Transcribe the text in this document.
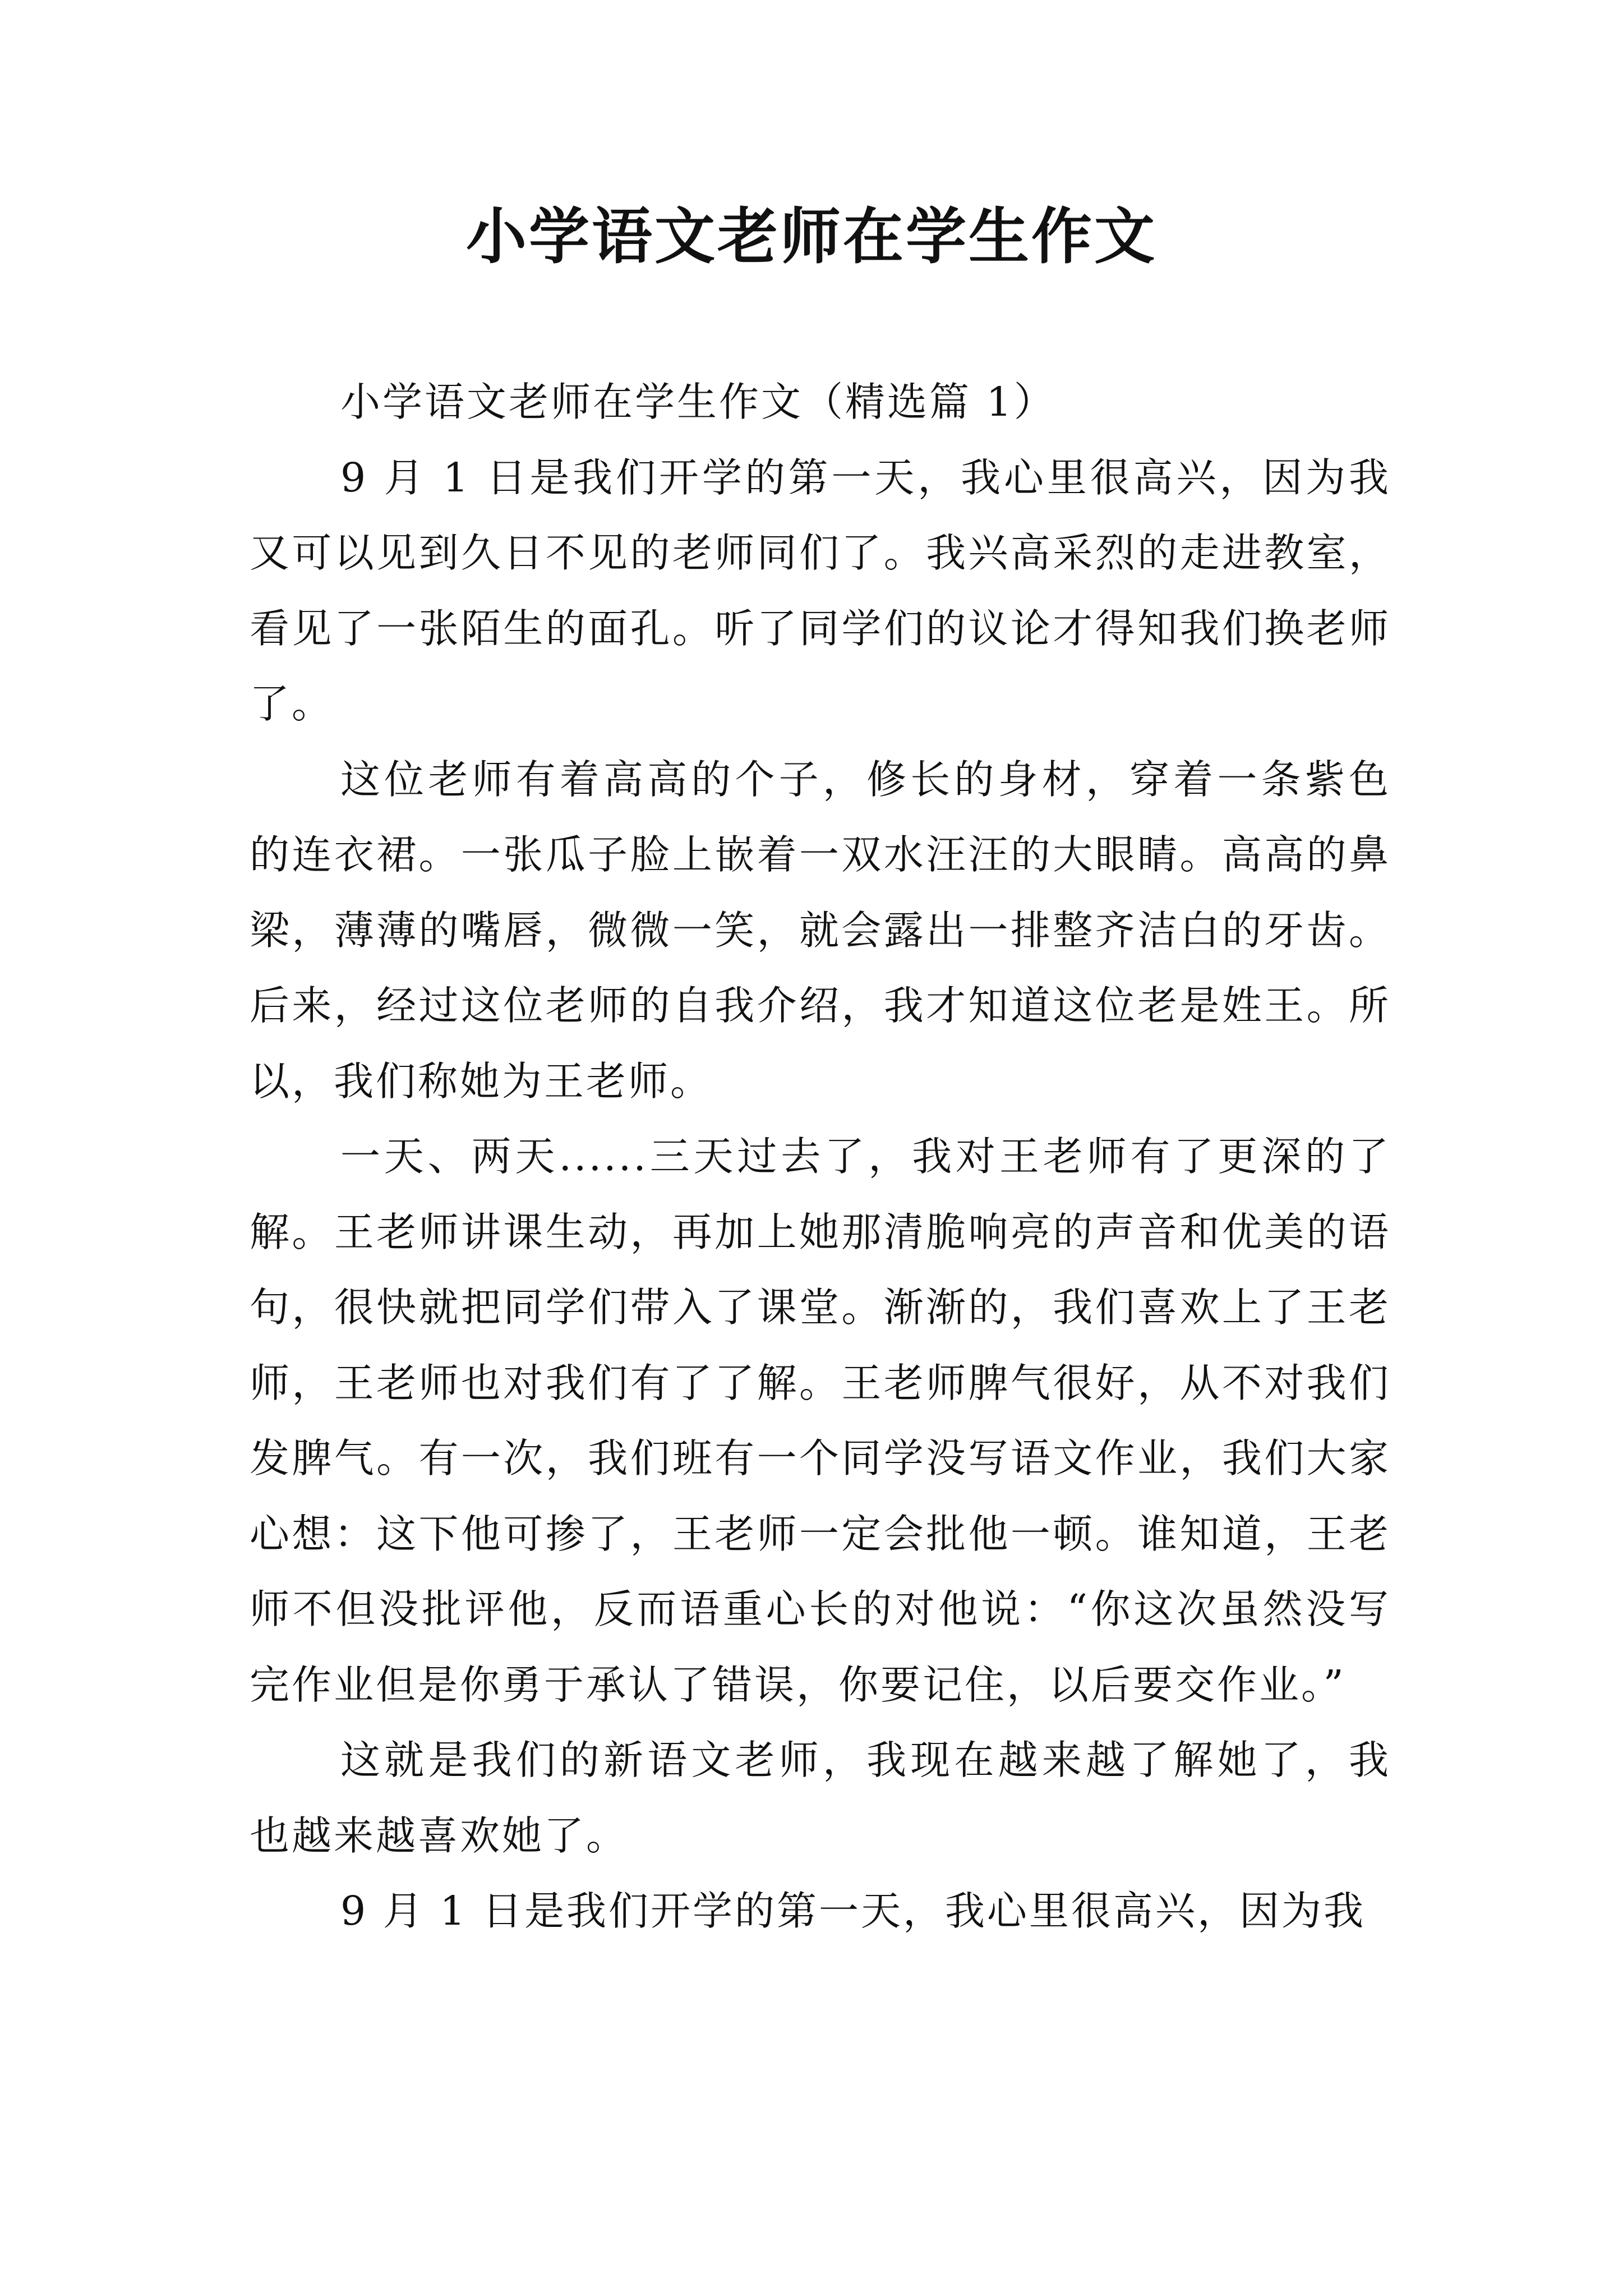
小学语文老师在学生作文

小学语文老师在学生作文（精选篇 1）

9 月 1 日是我们开学的第一天，我心里很高兴，因为我又可以见到久日不见的老师同们了。我兴高采烈的走进教室，看见了一张陌生的面孔。听了同学们的议论才得知我们换老师了。

这位老师有着高高的个子，修长的身材，穿着一条紫色的连衣裙。一张瓜子脸上嵌着一双水汪汪的大眼睛。高高的鼻梁，薄薄的嘴唇，微微一笑，就会露出一排整齐洁白的牙齿。后来，经过这位老师的自我介绍，我才知道这位老是姓王。所以，我们称她为王老师。

一天、两天......三天过去了，我对王老师有了更深的了解。王老师讲课生动，再加上她那清脆响亮的声音和优美的语句，很快就把同学们带入了课堂。渐渐的，我们喜欢上了王老师，王老师也对我们有了了解。王老师脾气很好，从不对我们发脾气。有一次，我们班有一个同学没写语文作业，我们大家心想：这下他可掺了，王老师一定会批他一顿。谁知道，王老师不但没批评他，反而语重心长的对他说：“你这次虽然没写完作业但是你勇于承认了错误，你要记住，以后要交作业。”

这就是我们的新语文老师，我现在越来越了解她了，我也越来越喜欢她了。

9 月 1 日是我们开学的第一天，我心里很高兴，因为我
